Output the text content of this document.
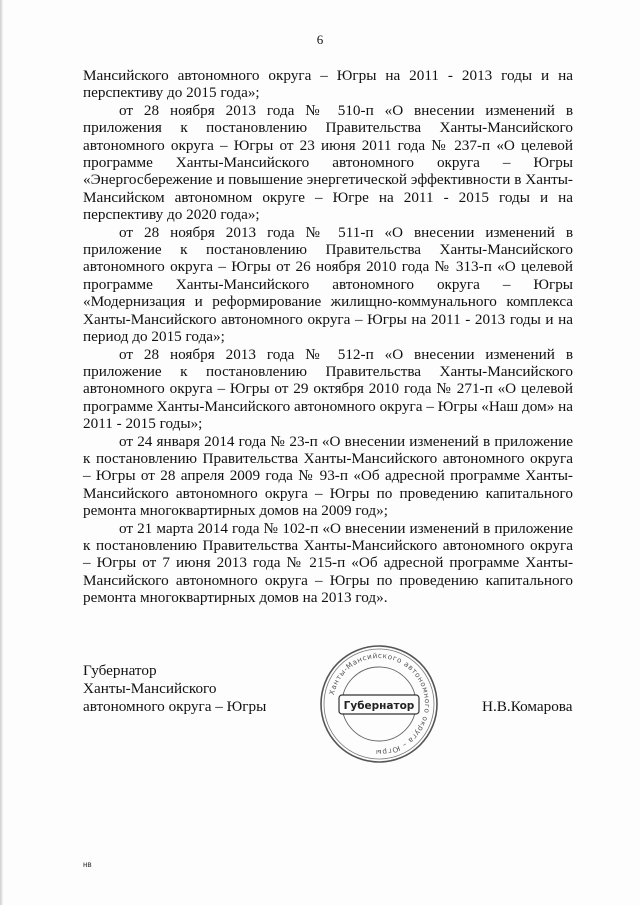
6

Мансийского автономного округа – Югры на 2011 - 2013 годы и на перспективу до 2015 года»;

от 28 ноября 2013 года № 510-п «О внесении изменений в приложения к постановлению Правительства Ханты-Мансийского автономного округа – Югры от 23 июня 2011 года № 237-п «О целевой программе Ханты-Мансийского автономного округа – Югры «Энергосбережение и повышение энергетической эффективности в Ханты-Мансийском автономном округе – Югре на 2011 - 2015 годы и на перспективу до 2020 года»;

от 28 ноября 2013 года № 511-п «О внесении изменений в приложение к постановлению Правительства Ханты-Мансийского автономного округа – Югры от 26 ноября 2010 года № 313-п «О целевой программе Ханты-Мансийского автономного округа – Югры «Модернизация и реформирование жилищно-коммунального комплекса Ханты-Мансийского автономного округа – Югры на 2011 - 2013 годы и на период до 2015 года»;

от 28 ноября 2013 года № 512-п «О внесении изменений в приложение к постановлению Правительства Ханты-Мансийского автономного округа – Югры от 29 октября 2010 года № 271-п «О целевой программе Ханты-Мансийского автономного округа – Югры «Наш дом» на 2011 - 2015 годы»;

от 24 января 2014 года № 23-п «О внесении изменений в приложение к постановлению Правительства Ханты-Мансийского автономного округа – Югры от 28 апреля 2009 года № 93-п «Об адресной программе Ханты-Мансийского автономного округа – Югры по проведению капитального ремонта многоквартирных домов на 2009 год»;

от 21 марта 2014 года № 102-п «О внесении изменений в приложение к постановлению Правительства Ханты-Мансийского автономного округа – Югры от 7 июня 2013 года № 215-п «Об адресной программе Ханты-Мансийского автономного округа – Югры по проведению капитального ремонта многоквартирных домов на 2013 год».

Губернатор
Ханты-Мансийского
автономного округа – Югры
Ханты-Мансийского автономного округа – Югры
Губернатор	Н.В.Комарова
нв
